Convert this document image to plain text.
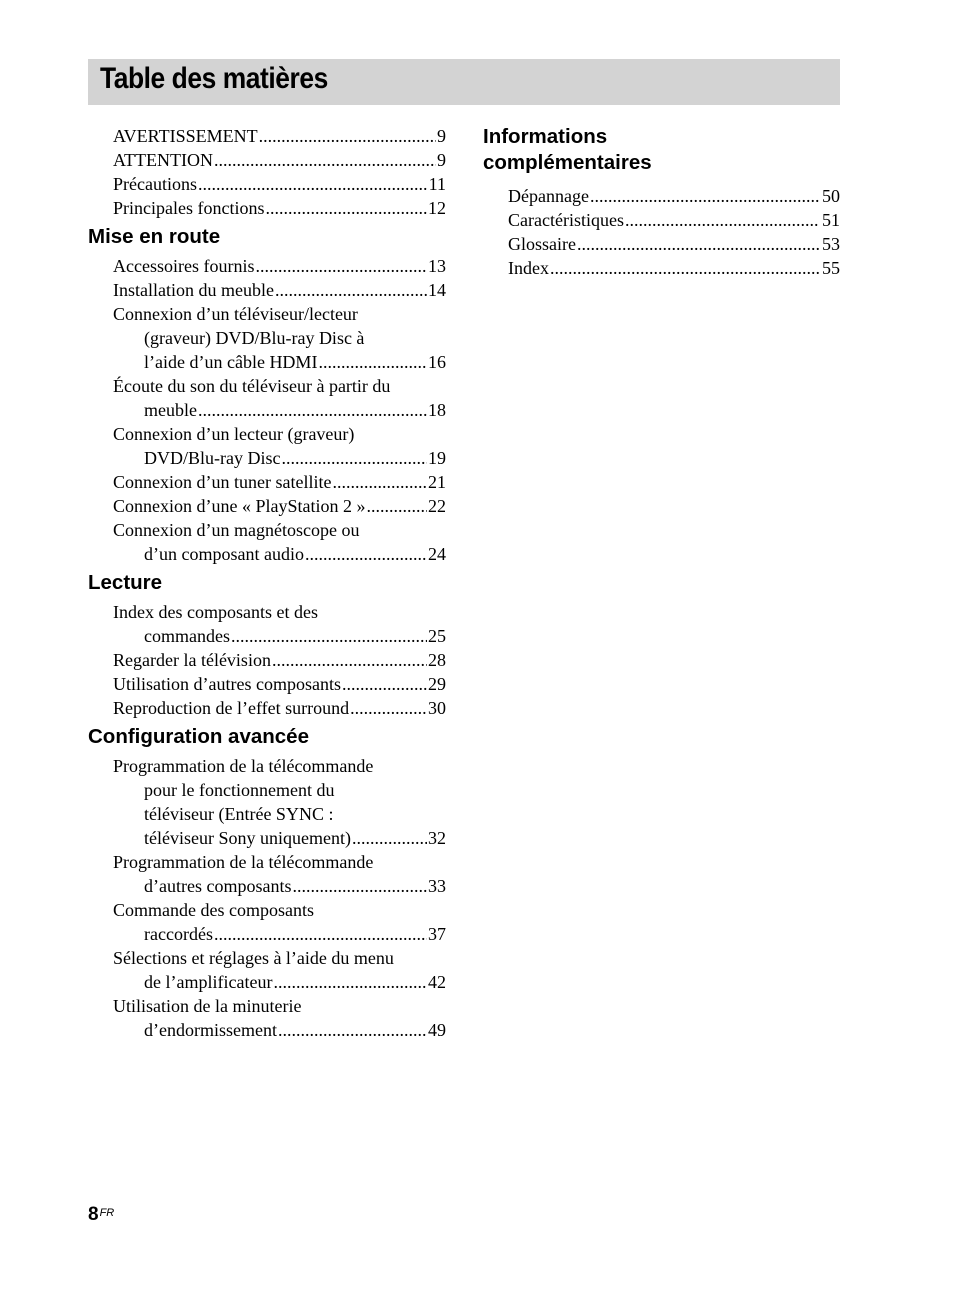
Table des matières
AVERTISSEMENT .....	9
ATTENTION .....	9
Précautions .....	11
Principales fonctions .....	12
Mise en route
Accessoires fournis .....	13
Installation du meuble .....	14
Connexion d’un téléviseur/lecteur
(graveur) DVD/Blu-ray Disc à
l’aide d’un câble HDMI .....	16
Écoute du son du téléviseur à partir du
meuble .....	18
Connexion d’un lecteur (graveur)
DVD/Blu-ray Disc .....	19
Connexion d’un tuner satellite .....	21
Connexion d’une « PlayStation 2 » .....	22
Connexion d’un magnétoscope ou
d’un composant audio .....	24
Lecture
Index des composants et des
commandes .....	25
Regarder la télévision .....	28
Utilisation d’autres composants .....	29
Reproduction de l’effet surround .....	30
Configuration avancée
Programmation de la télécommande
pour le fonctionnement du
téléviseur (Entrée SYNC :
téléviseur Sony uniquement) .....	32
Programmation de la télécommande
d’autres composants .....	33
Commande des composants
raccordés .....	37
Sélections et réglages à l’aide du menu
de l’amplificateur .....	42
Utilisation de la minuterie
d’endormissement .....	49
Informations
complémentaires
Dépannage .....	50
Caractéristiques .....	51
Glossaire .....	53
Index .....	55
$8^{FR}$
